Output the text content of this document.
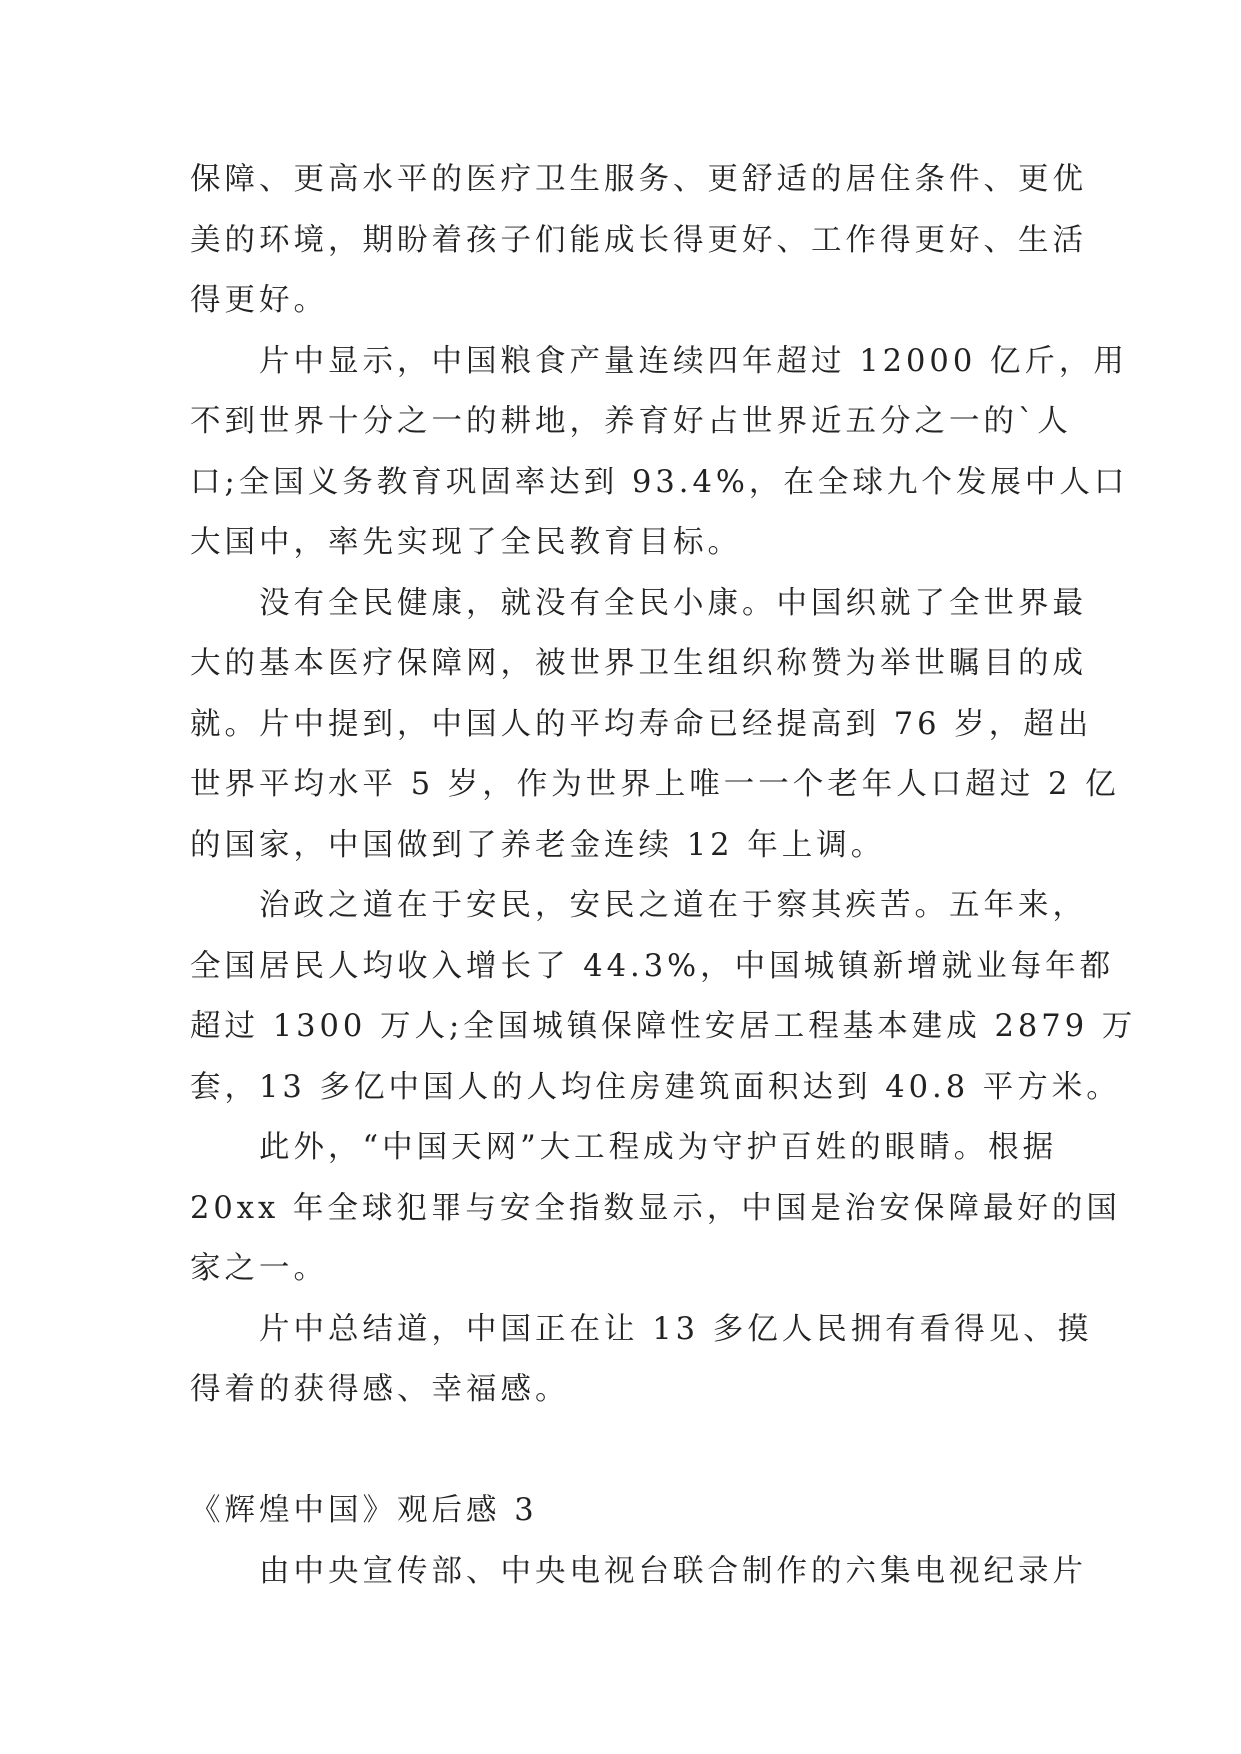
保障、更高水平的医疗卫生服务、更舒适的居住条件、更优
美的环境，期盼着孩子们能成长得更好、工作得更好、生活
得更好。
片中显示，中国粮食产量连续四年超过 12000 亿斤，用
不到世界十分之一的耕地，养育好占世界近五分之一的`人
口;全国义务教育巩固率达到 93.4%，在全球九个发展中人口
大国中，率先实现了全民教育目标。
没有全民健康，就没有全民小康。中国织就了全世界最
大的基本医疗保障网，被世界卫生组织称赞为举世瞩目的成
就。片中提到，中国人的平均寿命已经提高到 76 岁，超出
世界平均水平 5 岁，作为世界上唯一一个老年人口超过 2 亿
的国家，中国做到了养老金连续 12 年上调。
治政之道在于安民，安民之道在于察其疾苦。五年来，
全国居民人均收入增长了 44.3%，中国城镇新增就业每年都
超过 1300 万人;全国城镇保障性安居工程基本建成 2879 万
套，13 多亿中国人的人均住房建筑面积达到 40.8 平方米。
此外，“中国天网”大工程成为守护百姓的眼睛。根据
20xx 年全球犯罪与安全指数显示，中国是治安保障最好的国
家之一。
片中总结道，中国正在让 13 多亿人民拥有看得见、摸
得着的获得感、幸福感。
《辉煌中国》观后感 3
由中央宣传部、中央电视台联合制作的六集电视纪录片
